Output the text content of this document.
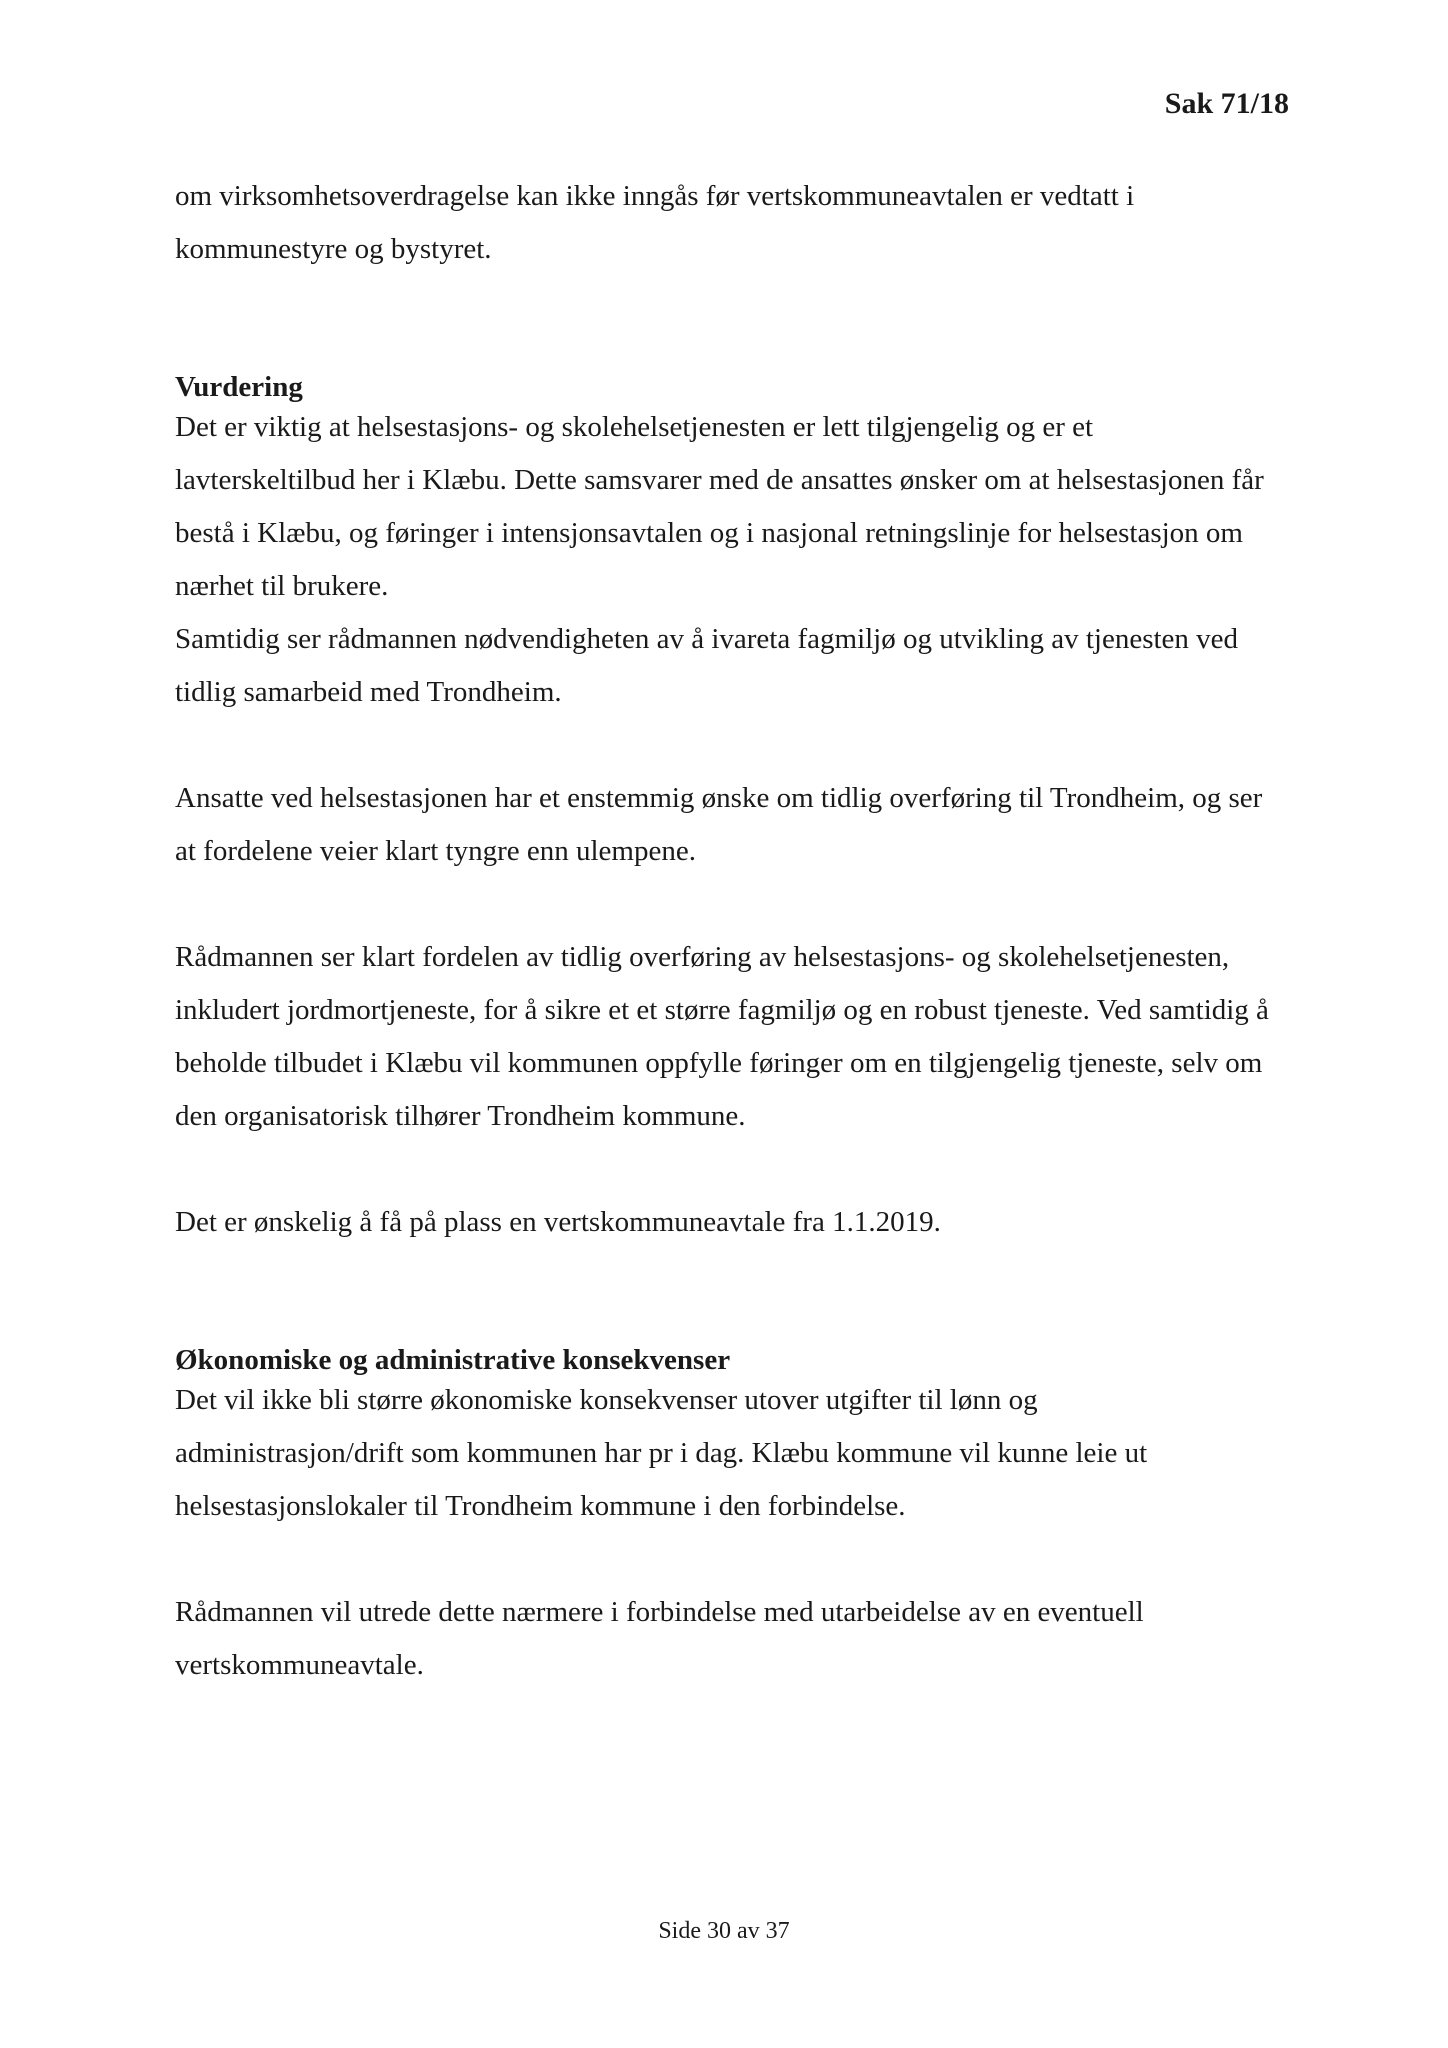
Sak 71/18

om virksomhetsoverdragelse kan ikke inngås før vertskommuneavtalen er vedtatt i

kommunestyre og bystyret.

Vurdering

Det er viktig at helsestasjons- og skolehelsetjenesten er lett tilgjengelig og er et

lavterskeltilbud her i Klæbu. Dette samsvarer med de ansattes ønsker om at helsestasjonen får

bestå i Klæbu, og føringer i intensjonsavtalen og i nasjonal retningslinje for helsestasjon om

nærhet til brukere.

Samtidig ser rådmannen nødvendigheten av å ivareta fagmiljø og utvikling av tjenesten ved

tidlig samarbeid med Trondheim.

Ansatte ved helsestasjonen har et enstemmig ønske om tidlig overføring til Trondheim, og ser

at fordelene veier klart tyngre enn ulempene.

Rådmannen ser klart fordelen av tidlig overføring av helsestasjons- og skolehelsetjenesten,

inkludert jordmortjeneste, for å sikre et et større fagmiljø og en robust tjeneste. Ved samtidig å

beholde tilbudet i Klæbu vil kommunen oppfylle føringer om en tilgjengelig tjeneste, selv om

den organisatorisk tilhører Trondheim kommune.

Det er ønskelig å få på plass en vertskommuneavtale fra 1.1.2019.

Økonomiske og administrative konsekvenser

Det vil ikke bli større økonomiske konsekvenser utover utgifter til lønn og

administrasjon/drift som kommunen har pr i dag. Klæbu kommune vil kunne leie ut

helsestasjonslokaler til Trondheim kommune i den forbindelse.

Rådmannen vil utrede dette nærmere i forbindelse med utarbeidelse av en eventuell

vertskommuneavtale.

Side 30 av 37
